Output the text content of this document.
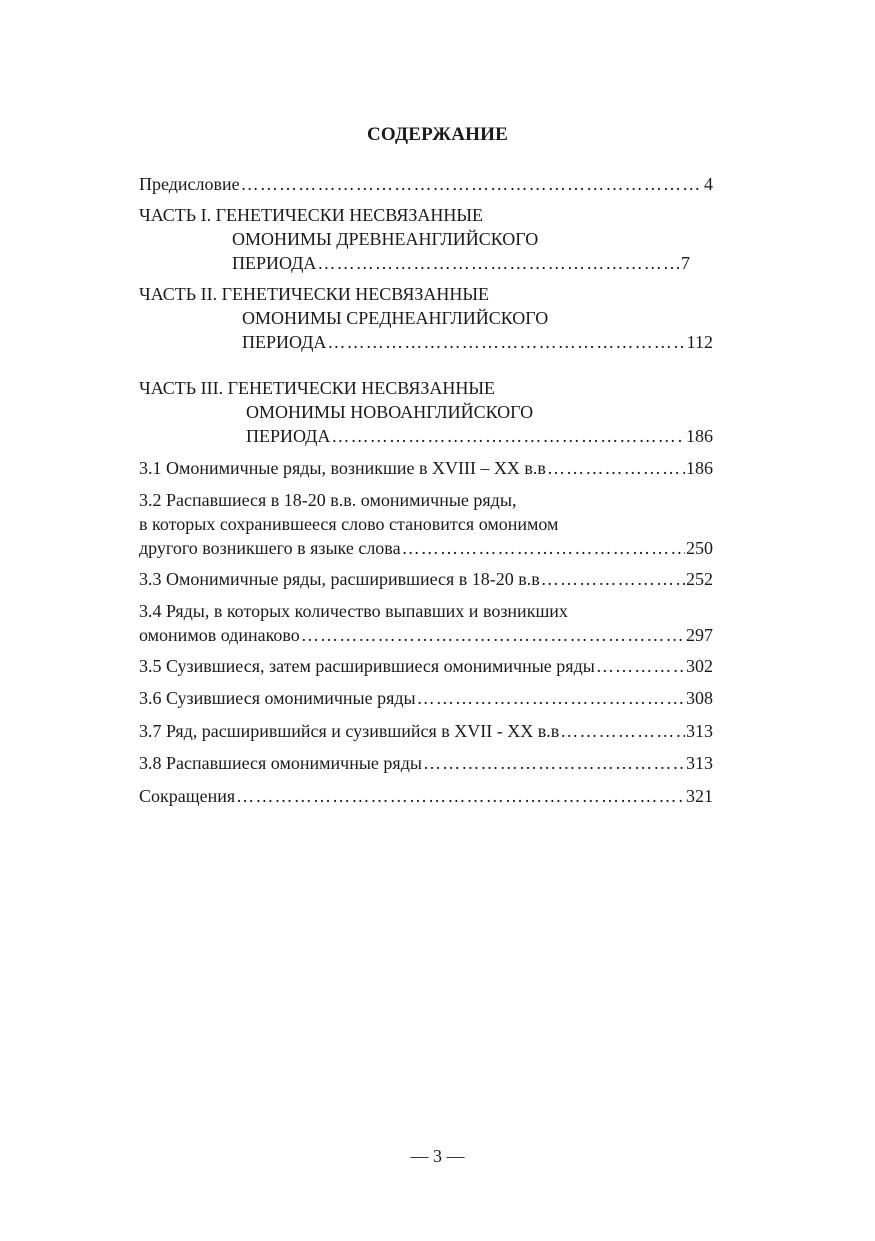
СОДЕРЖАНИЕ
Предисловие ……………………………………………………………………………………………………………………………	4
ЧАСТЬ I. ГЕНЕТИЧЕСКИ НЕСВЯЗАННЫЕ
ОМОНИМЫ ДРЕВНЕАНГЛИЙСКОГО
ПЕРИОДА ……………………………………………………………………………………………………………………………	7
ЧАСТЬ II. ГЕНЕТИЧЕСКИ НЕСВЯЗАННЫЕ
ОМОНИМЫ СРЕДНЕАНГЛИЙСКОГО
ПЕРИОДА ……………………………………………………………………………………………………………………………	112
ЧАСТЬ III. ГЕНЕТИЧЕСКИ НЕСВЯЗАННЫЕ
ОМОНИМЫ НОВОАНГЛИЙСКОГО
ПЕРИОДА ……………………………………………………………………………………………………………………………	186
3.1 Омонимичные ряды, возникшие в XVIII – XX в.в ……………………………………………………………………………………………………………………………	186
3.2 Распавшиеся в 18-20 в.в. омонимичные ряды,
в которых сохранившееся слово становится омонимом
другого возникшего в языке слова ……………………………………………………………………………………………………………………………	250
3.3 Омонимичные ряды, расширившиеся в 18-20 в.в ……………………………………………………………………………………………………………………………	252
3.4 Ряды, в которых количество выпавших и возникших
омонимов одинаково ……………………………………………………………………………………………………………………………	297
3.5 Сузившиеся, затем расширившиеся омонимичные ряды ……………………………………………………………………………………………………………………………	302
3.6 Сузившиеся омонимичные ряды ……………………………………………………………………………………………………………………………	308
3.7 Ряд, расширившийся и сузившийся в XVII - XX в.в ……………………………………………………………………………………………………………………………	313
3.8 Распавшиеся омонимичные ряды ……………………………………………………………………………………………………………………………	313
Сокращения ……………………………………………………………………………………………………………………………	321
— 3 —
